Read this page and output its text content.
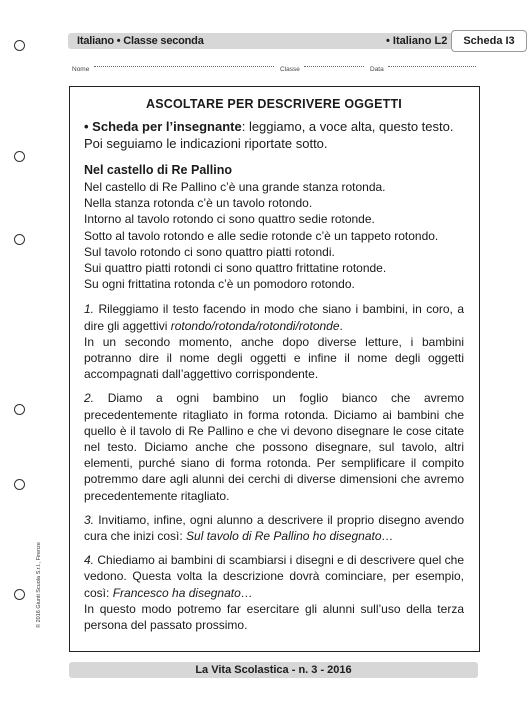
Italiano • Classe seconda	• Italiano L2	Scheda I3
Nome	Classe	Data
ASCOLTARE PER DESCRIVERE OGGETTI

• Scheda per l’insegnante: leggiamo, a voce alta, questo testo. Poi seguiamo le indicazioni riportate sotto.

Nel castello di Re Pallino
Nel castello di Re Pallino c’è una grande stanza rotonda.
Nella stanza rotonda c’è un tavolo rotondo.
Intorno al tavolo rotondo ci sono quattro sedie rotonde.
Sotto al tavolo rotondo e alle sedie rotonde c’è un tappeto rotondo.
Sul tavolo rotondo ci sono quattro piatti rotondi.
Sui quattro piatti rotondi ci sono quattro frittatine rotonde.
Su ogni frittatina rotonda c’è un pomodoro rotondo.

1. Rileggiamo il testo facendo in modo che siano i bambini, in coro, a dire gli aggettivi rotondo/rotonda/rotondi/rotonde.
In un secondo momento, anche dopo diverse letture, i bambini potranno dire il nome degli oggetti e infine il nome degli oggetti accompagnati dall’aggettivo corrispondente.

2. Diamo a ogni bambino un foglio bianco che avremo precedentemente ritagliato in forma rotonda. Diciamo ai bambini che quello è il tavolo di Re Pallino e che vi devono disegnare le cose citate nel testo. Diciamo anche che possono disegnare, sul tavolo, altri elementi, purché siano di forma rotonda. Per semplificare il compito potremmo dare agli alunni dei cerchi di diverse dimensioni che avremo precedentemente ritagliato.

3. Invitiamo, infine, ogni alunno a descrivere il proprio disegno avendo cura che inizi così: Sul tavolo di Re Pallino ho disegnato…

4. Chiediamo ai bambini di scambiarsi i disegni e di descrivere quel che vedono. Questa volta la descrizione dovrà cominciare, per esempio, così: Francesco ha disegnato…
In questo modo potremo far esercitare gli alunni sull’uso della terza persona del passato prossimo.

© 2016 Giunti Scuola S.r.l., Firenze
La Vita Scolastica - n. 3 - 2016
